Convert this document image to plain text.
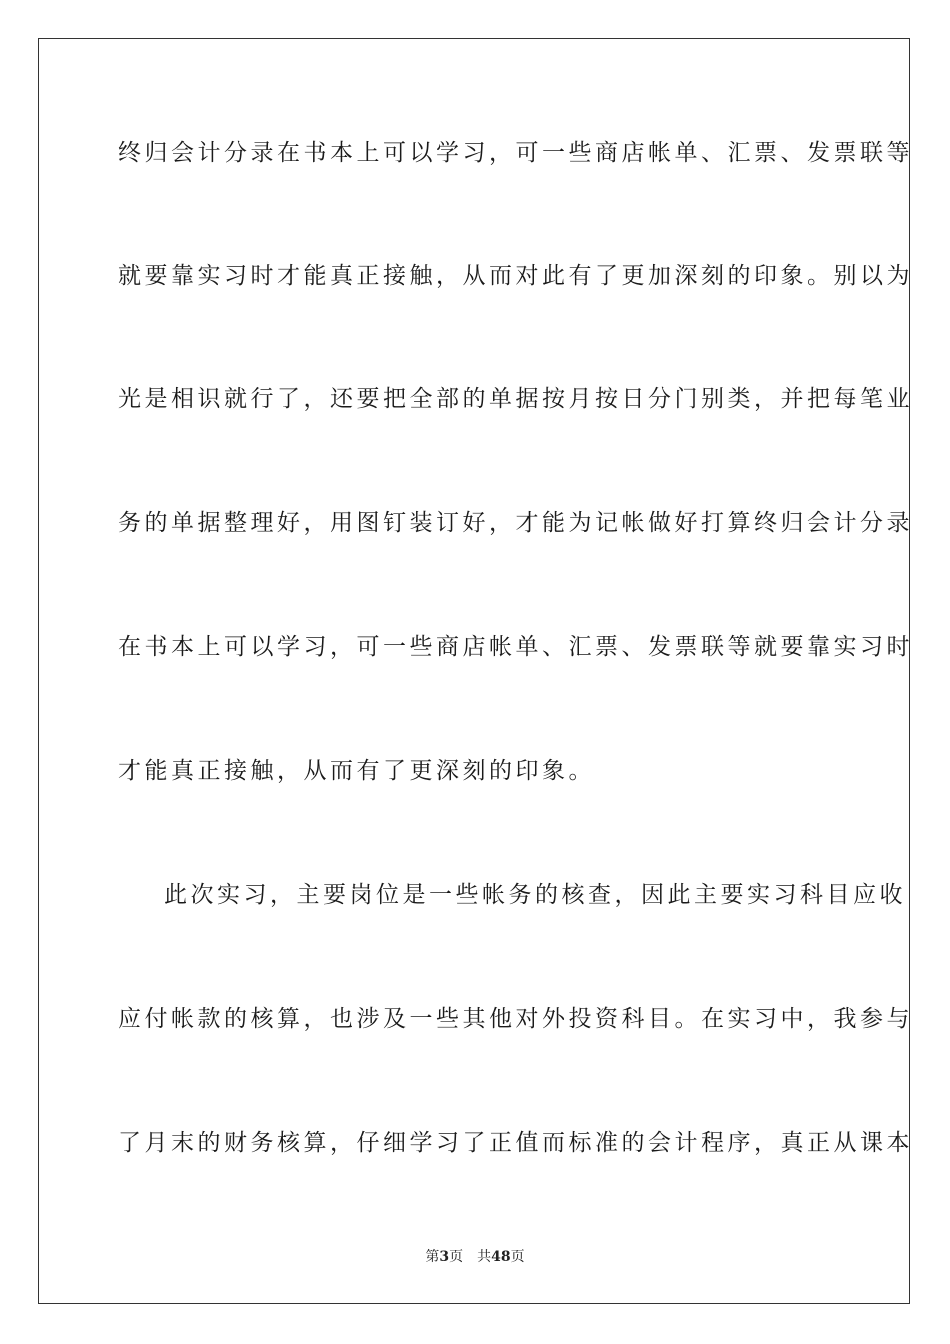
终归会计分录在书本上可以学习，可一些商店帐单、汇票、发票联等
就要靠实习时才能真正接触，从而对此有了更加深刻的印象。别以为
光是相识就行了，还要把全部的单据按月按日分门别类，并把每笔业
务的单据整理好，用图钉装订好，才能为记帐做好打算终归会计分录
在书本上可以学习，可一些商店帐单、汇票、发票联等就要靠实习时
才能真正接触，从而有了更深刻的印象。
此次实习，主要岗位是一些帐务的核查，因此主要实习科目应收
应付帐款的核算，也涉及一些其他对外投资科目。在实习中，我参与
了月末的财务核算，仔细学习了正值而标准的会计程序，真正从课本
第3页 共48页
